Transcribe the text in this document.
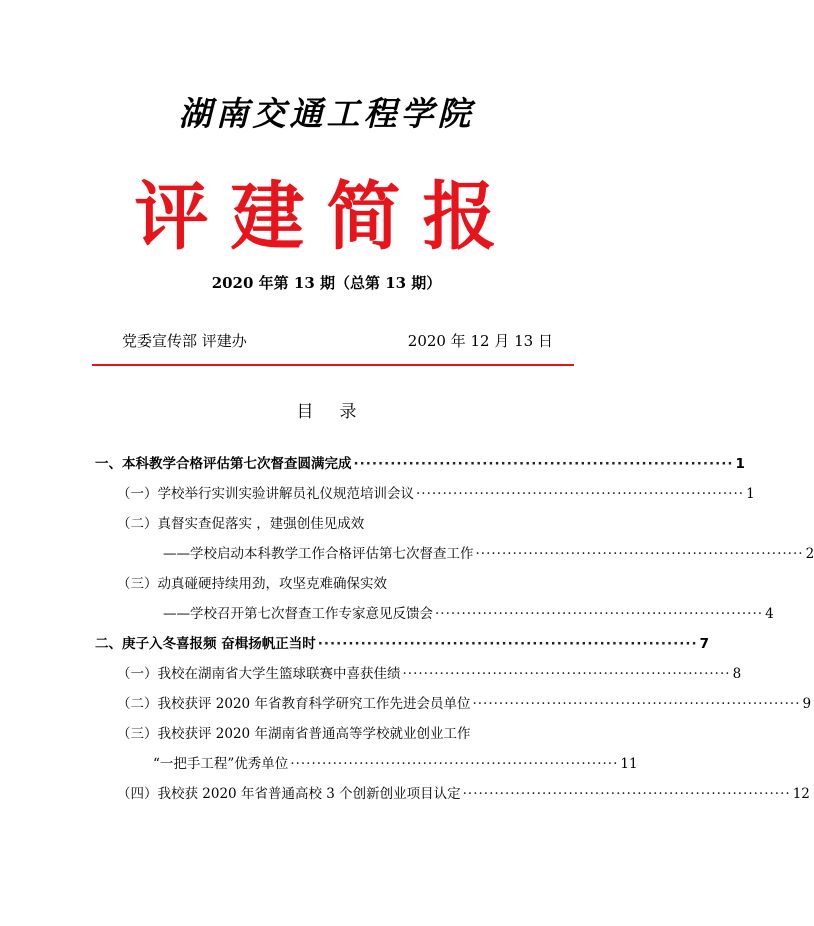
湖南交通工程学院
评建简报
2020 年第 13 期（总第 13 期）
党委宣传部 评建办	2020 年 12 月 13 日
目录
一、本科教学合格评估第七次督查圆满完成 ······························································ 1
（一）学校举行实训实验讲解员礼仪规范培训会议 ······························································ 1
（二）真督实查促落实 ，建强创佳见成效
——学校启动本科教学工作合格评估第七次督查工作 ······························································ 2
（三）动真碰硬持续用劲，攻坚克难确保实效
——学校召开第七次督查工作专家意见反馈会 ······························································ 4
二、庚子入冬喜报频 奋楫扬帆正当时 ······························································ 7
（一）我校在湖南省大学生篮球联赛中喜获佳绩 ······························································ 8
（二）我校获评 2020 年省教育科学研究工作先进会员单位 ······························································ 9
（三）我校获评 2020 年湖南省普通高等学校就业创业工作
“一把手工程”优秀单位 ······························································ 11
（四）我校获 2020 年省普通高校 3 个创新创业项目认定 ······························································ 12
